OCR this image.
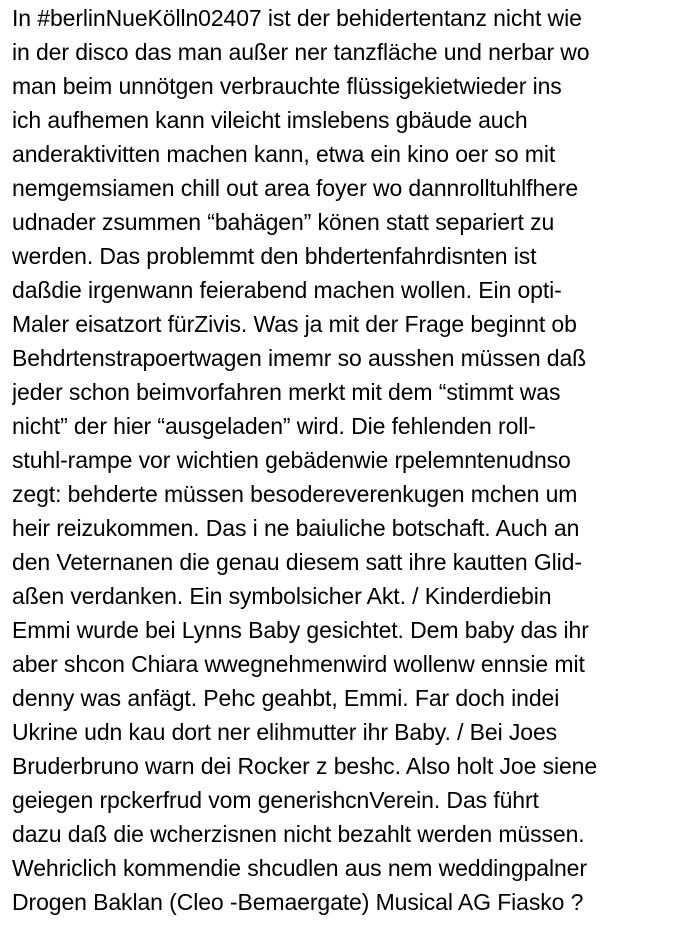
In #berlinNueKölln02407 ist der behidertentanz nicht wie
in der disco das man außer ner tanzfläche und nerbar wo
man beim unnötgen verbrauchte flüssigekietwieder ins
ich aufhemen kann vileicht imslebens gbäude auch
anderaktivitten machen kann, etwa ein kino oer so mit
nemgemsiamen chill out area foyer wo dannrolltuhlfhere
udnader zsummen “bahägen” könen statt separiert zu
werden. Das problemmt den bhdertenfahrdisnten ist
daßdie irgenwann feierabend machen wollen. Ein opti-
Maler eisatzort fürZivis. Was ja mit der Frage beginnt ob
Behdrtenstrapoertwagen imemr so ausshen müssen daß
jeder schon beimvorfahren merkt mit dem “stimmt was
nicht” der hier “ausgeladen” wird. Die fehlenden roll-
stuhl-rampe vor wichtien gebädenwie rpelemntenudnso
zegt: behderte müssen besodereverenkugen mchen um
heir reizukommen. Das i ne baiuliche botschaft. Auch an
den Veternanen die genau diesem satt ihre kautten Glid-
aßen verdanken. Ein symbolsicher Akt. / Kinderdiebin
Emmi wurde bei Lynns Baby gesichtet. Dem baby das ihr
aber shcon Chiara wwegnehmenwird wollenw ennsie mit
denny was anfägt. Pehc geahbt, Emmi. Far doch indei
Ukrine udn kau dort ner elihmutter ihr Baby. / Bei Joes
Bruderbruno warn dei Rocker z beshc. Also holt Joe siene
geiegen rpckerfrud vom generishcnVerein. Das führt
dazu daß die wcherzisnen nicht bezahlt werden müssen.
Wehriclich kommendie shcudlen aus nem weddingpalner
Drogen Baklan (Cleo -Bemaergate) Musical AG Fiasko ?
